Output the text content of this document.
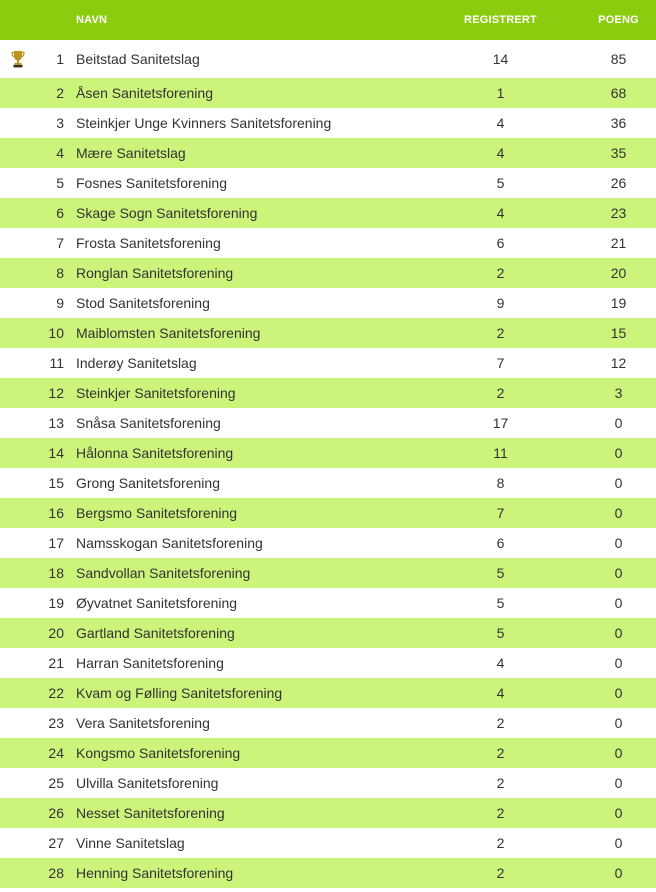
NAVN	REGISTRERT	POENG
1 Beitstad Sanitetslag	14	85
2 Åsen Sanitetsforening	1	68
3 Steinkjer Unge Kvinners Sanitetsforening	4	36
4 Mære Sanitetslag	4	35
5 Fosnes Sanitetsforening	5	26
6 Skage Sogn Sanitetsforening	4	23
7 Frosta Sanitetsforening	6	21
8 Ronglan Sanitetsforening	2	20
9 Stod Sanitetsforening	9	19
10 Maiblomsten Sanitetsforening	2	15
11 Inderøy Sanitetslag	7	12
12 Steinkjer Sanitetsforening	2	3
13 Snåsa Sanitetsforening	17	0
14 Hålonna Sanitetsforening	11	0
15 Grong Sanitetsforening	8	0
16 Bergsmo Sanitetsforening	7	0
17 Namsskogan Sanitetsforening	6	0
18 Sandvollan Sanitetsforening	5	0
19 Øyvatnet Sanitetsforening	5	0
20 Gartland Sanitetsforening	5	0
21 Harran Sanitetsforening	4	0
22 Kvam og Følling Sanitetsforening	4	0
23 Vera Sanitetsforening	2	0
24 Kongsmo Sanitetsforening	2	0
25 Ulvilla Sanitetsforening	2	0
26 Nesset Sanitetsforening	2	0
27 Vinne Sanitetslag	2	0
28 Henning Sanitetsforening	2	0
